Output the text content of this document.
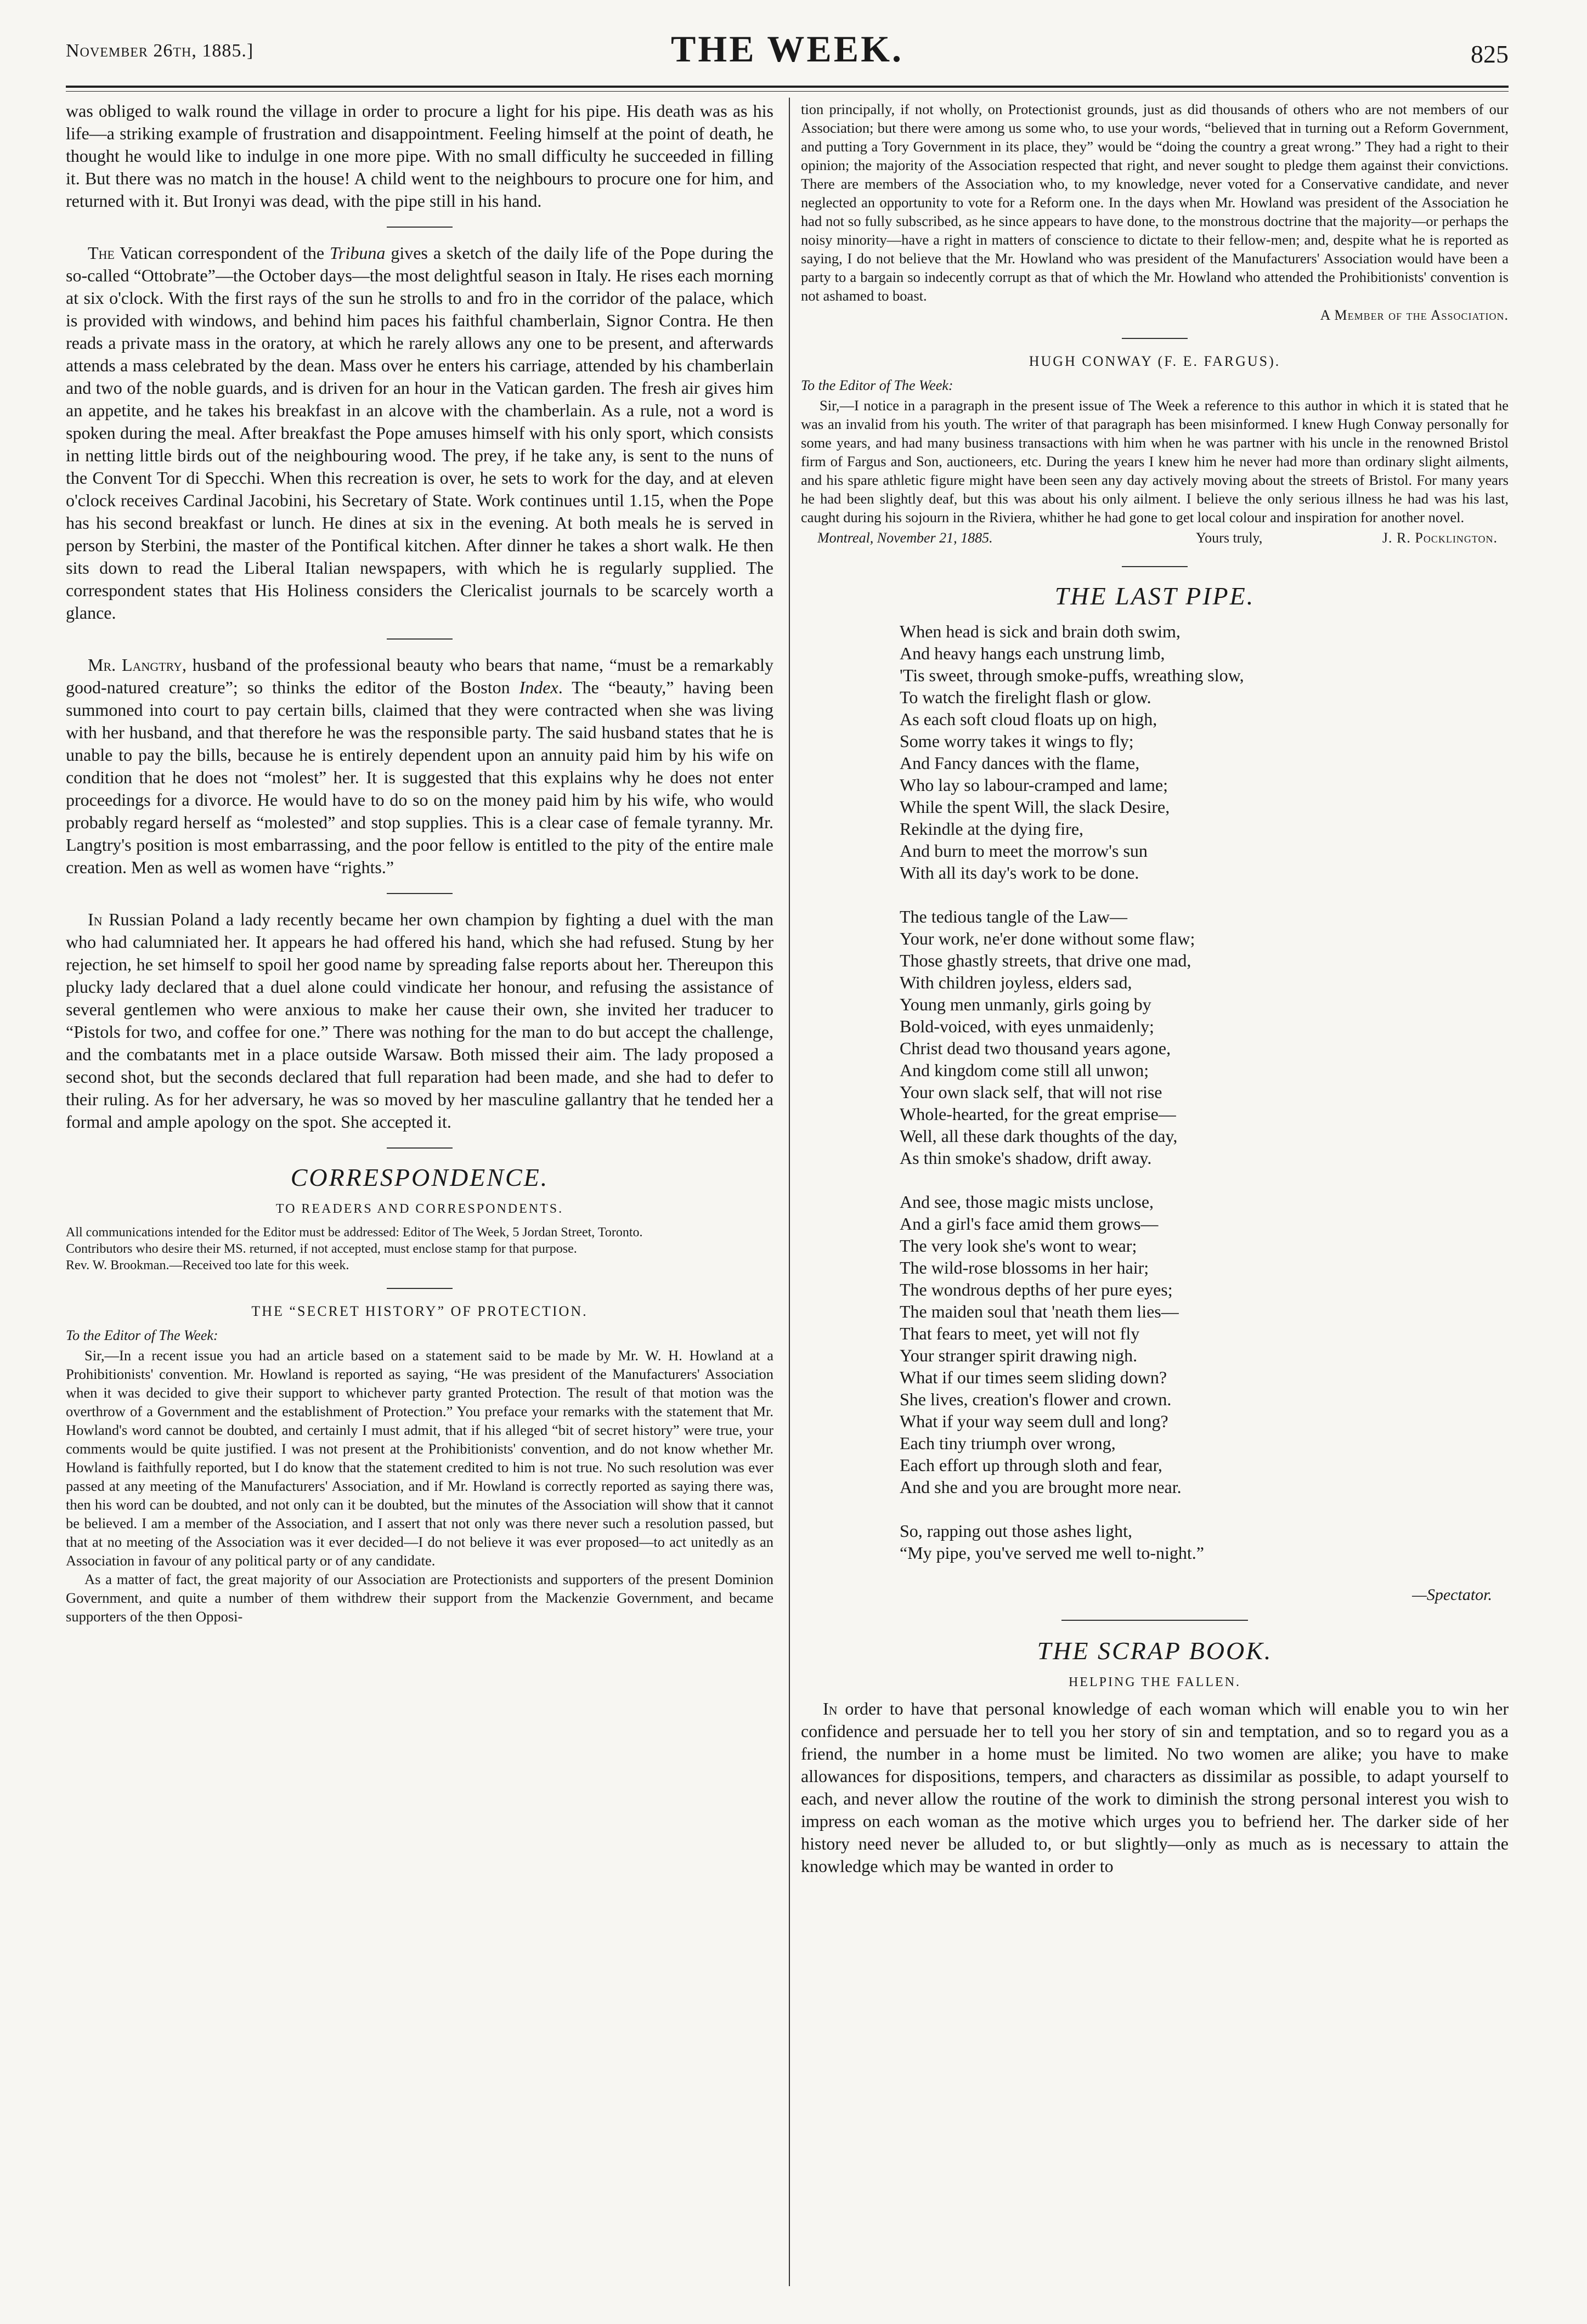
November 26th, 1885.]	THE WEEK.	825

was obliged to walk round the village in order to procure a light for his pipe. His death was as his life—a striking example of frustration and disappointment. Feeling himself at the point of death, he thought he would like to indulge in one more pipe. With no small difficulty he succeeded in filling it. But there was no match in the house! A child went to the neighbours to procure one for him, and returned with it. But Ironyi was dead, with the pipe still in his hand.

The Vatican correspondent of the Tribuna gives a sketch of the daily life of the Pope during the so-called “Ottobrate”—the October days—the most delightful season in Italy. He rises each morning at six o'clock. With the first rays of the sun he strolls to and fro in the corridor of the palace, which is provided with windows, and behind him paces his faithful chamberlain, Signor Contra. He then reads a private mass in the oratory, at which he rarely allows any one to be present, and afterwards attends a mass celebrated by the dean. Mass over he enters his carriage, attended by his chamberlain and two of the noble guards, and is driven for an hour in the Vatican garden. The fresh air gives him an appetite, and he takes his breakfast in an alcove with the chamberlain. As a rule, not a word is spoken during the meal. After breakfast the Pope amuses himself with his only sport, which consists in netting little birds out of the neighbouring wood. The prey, if he take any, is sent to the nuns of the Convent Tor di Specchi. When this recreation is over, he sets to work for the day, and at eleven o'clock receives Cardinal Jacobini, his Secretary of State. Work continues until 1.15, when the Pope has his second breakfast or lunch. He dines at six in the evening. At both meals he is served in person by Sterbini, the master of the Pontifical kitchen. After dinner he takes a short walk. He then sits down to read the Liberal Italian newspapers, with which he is regularly supplied. The correspondent states that His Holiness considers the Clericalist journals to be scarcely worth a glance.

Mr. Langtry, husband of the professional beauty who bears that name, “must be a remarkably good-natured creature”; so thinks the editor of the Boston Index. The “beauty,” having been summoned into court to pay certain bills, claimed that they were contracted when she was living with her husband, and that therefore he was the responsible party. The said husband states that he is unable to pay the bills, because he is entirely dependent upon an annuity paid him by his wife on condition that he does not “molest” her. It is suggested that this explains why he does not enter proceedings for a divorce. He would have to do so on the money paid him by his wife, who would probably regard herself as “molested” and stop supplies. This is a clear case of female tyranny. Mr. Langtry's position is most embarrassing, and the poor fellow is entitled to the pity of the entire male creation. Men as well as women have “rights.”

In Russian Poland a lady recently became her own champion by fighting a duel with the man who had calumniated her. It appears he had offered his hand, which she had refused. Stung by her rejection, he set himself to spoil her good name by spreading false reports about her. Thereupon this plucky lady declared that a duel alone could vindicate her honour, and refusing the assistance of several gentlemen who were anxious to make her cause their own, she invited her traducer to “Pistols for two, and coffee for one.” There was nothing for the man to do but accept the challenge, and the combatants met in a place outside Warsaw. Both missed their aim. The lady proposed a second shot, but the seconds declared that full reparation had been made, and she had to defer to their ruling. As for her adversary, he was so moved by her masculine gallantry that he tended her a formal and ample apology on the spot. She accepted it.

CORRESPONDENCE.
TO READERS AND CORRESPONDENTS.

All communications intended for the Editor must be addressed: Editor of The Week, 5 Jordan Street, Toronto.

Contributors who desire their MS. returned, if not accepted, must enclose stamp for that purpose.

Rev. W. Brookman.—Received too late for this week.

THE “SECRET HISTORY” OF PROTECTION.
To the Editor of The Week:

Sir,—In a recent issue you had an article based on a statement said to be made by Mr. W. H. Howland at a Prohibitionists' convention. Mr. Howland is reported as saying, “He was president of the Manufacturers' Association when it was decided to give their support to whichever party granted Protection. The result of that motion was the overthrow of a Government and the establishment of Protection.” You preface your remarks with the statement that Mr. Howland's word cannot be doubted, and certainly I must admit, that if his alleged “bit of secret history” were true, your comments would be quite justified. I was not present at the Prohibitionists' convention, and do not know whether Mr. Howland is faithfully reported, but I do know that the statement credited to him is not true. No such resolution was ever passed at any meeting of the Manufacturers' Association, and if Mr. Howland is correctly reported as saying there was, then his word can be doubted, and not only can it be doubted, but the minutes of the Association will show that it cannot be believed. I am a member of the Association, and I assert that not only was there never such a resolution passed, but that at no meeting of the Association was it ever decided—I do not believe it was ever proposed—to act unitedly as an Association in favour of any political party or of any candidate.

As a matter of fact, the great majority of our Association are Protectionists and supporters of the present Dominion Government, and quite a number of them withdrew their support from the Mackenzie Government, and became supporters of the then Opposi-

tion principally, if not wholly, on Protectionist grounds, just as did thousands of others who are not members of our Association; but there were among us some who, to use your words, “believed that in turning out a Reform Government, and putting a Tory Government in its place, they” would be “doing the country a great wrong.” They had a right to their opinion; the majority of the Association respected that right, and never sought to pledge them against their convictions. There are members of the Association who, to my knowledge, never voted for a Conservative candidate, and never neglected an opportunity to vote for a Reform one. In the days when Mr. Howland was president of the Association he had not so fully subscribed, as he since appears to have done, to the monstrous doctrine that the majority—or perhaps the noisy minority—have a right in matters of conscience to dictate to their fellow-men; and, despite what he is reported as saying, I do not believe that the Mr. Howland who was president of the Manufacturers' Association would have been a party to a bargain so indecently corrupt as that of which the Mr. Howland who attended the Prohibitionists' convention is not ashamed to boast.

A Member of the Association.
HUGH CONWAY (F. E. FARGUS).
To the Editor of The Week:

Sir,—I notice in a paragraph in the present issue of The Week a reference to this author in which it is stated that he was an invalid from his youth. The writer of that paragraph has been misinformed. I knew Hugh Conway personally for some years, and had many business transactions with him when he was partner with his uncle in the renowned Bristol firm of Fargus and Son, auctioneers, etc. During the years I knew him he never had more than ordinary slight ailments, and his spare athletic figure might have been seen any day actively moving about the streets of Bristol. For many years he had been slightly deaf, but this was about his only ailment. I believe the only serious illness he had was his last, caught during his sojourn in the Riviera, whither he had gone to get local colour and inspiration for another novel.

Montreal, November 21, 1885.	Yours truly,	J. R. Pocklington.
THE LAST PIPE.
When head is sick and brain doth swim,
And heavy hangs each unstrung limb,
'Tis sweet, through smoke-puffs, wreathing slow,
To watch the firelight flash or glow.
As each soft cloud floats up on high,
Some worry takes it wings to fly;
And Fancy dances with the flame,
Who lay so labour-cramped and lame;
While the spent Will, the slack Desire,
Rekindle at the dying fire,
And burn to meet the morrow's sun
With all its day's work to be done.
The tedious tangle of the Law—
Your work, ne'er done without some flaw;
Those ghastly streets, that drive one mad,
With children joyless, elders sad,
Young men unmanly, girls going by
Bold-voiced, with eyes unmaidenly;
Christ dead two thousand years agone,
And kingdom come still all unwon;
Your own slack self, that will not rise
Whole-hearted, for the great emprise—
Well, all these dark thoughts of the day,
As thin smoke's shadow, drift away.
And see, those magic mists unclose,
And a girl's face amid them grows—
The very look she's wont to wear;
The wild-rose blossoms in her hair;
The wondrous depths of her pure eyes;
The maiden soul that 'neath them lies—
That fears to meet, yet will not fly
Your stranger spirit drawing nigh.
What if our times seem sliding down?
She lives, creation's flower and crown.
What if your way seem dull and long?
Each tiny triumph over wrong,
Each effort up through sloth and fear,
And she and you are brought more near.
So, rapping out those ashes light,
“My pipe, you've served me well to-night.”
—Spectator.
THE SCRAP BOOK.
HELPING THE FALLEN.

In order to have that personal knowledge of each woman which will enable you to win her confidence and persuade her to tell you her story of sin and temptation, and so to regard you as a friend, the number in a home must be limited. No two women are alike; you have to make allowances for dispositions, tempers, and characters as dissimilar as possible, to adapt yourself to each, and never allow the routine of the work to diminish the strong personal interest you wish to impress on each woman as the motive which urges you to befriend her. The darker side of her history need never be alluded to, or but slightly—only as much as is necessary to attain the knowledge which may be wanted in order to
